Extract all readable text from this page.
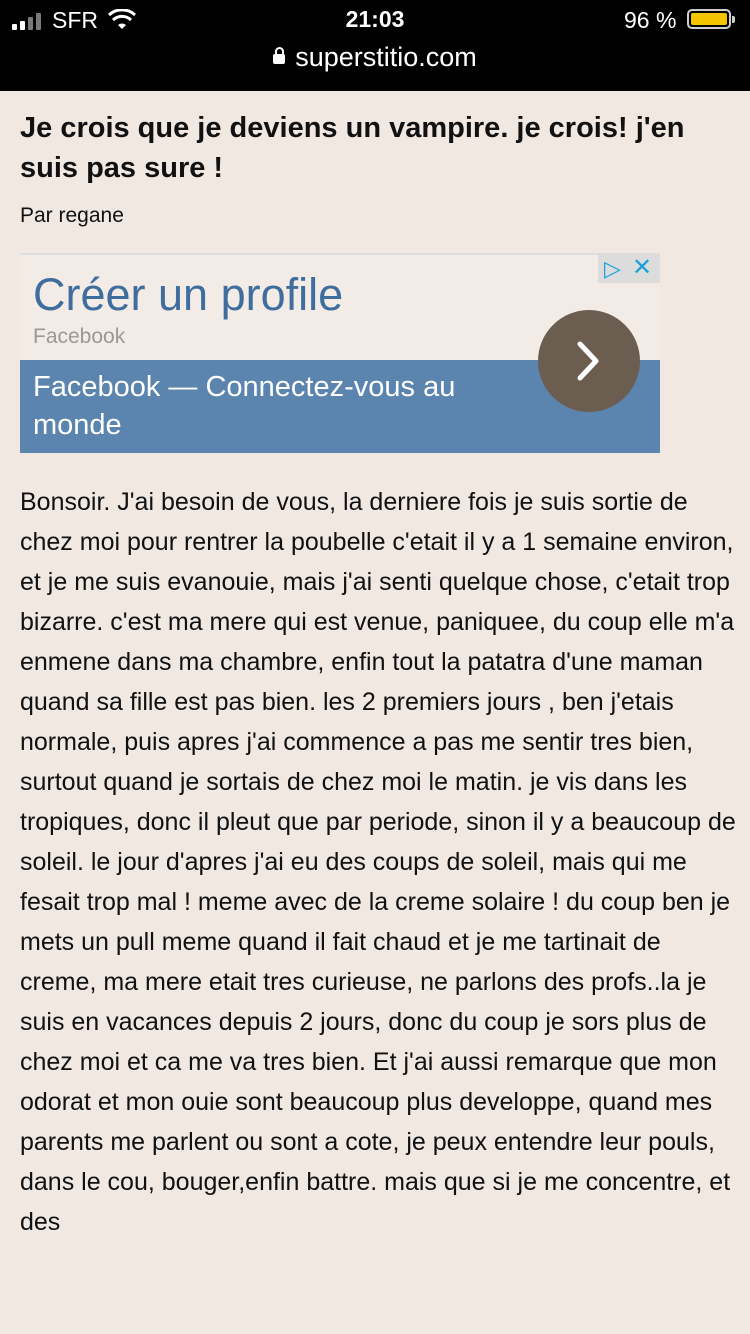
SFR	21:03	96 %
superstitio.com
Je crois que je deviens un vampire. je crois! j'en suis pas sure !
Par regane
Créer un profile
Facebook
▷ ✕
Facebook — Connectez-vous au monde

Bonsoir. J'ai besoin de vous, la derniere fois je suis sortie de chez moi pour rentrer la poubelle c'etait il y a 1 semaine environ, et je me suis evanouie, mais j'ai senti quelque chose, c'etait trop bizarre. c'est ma mere qui est venue, paniquee, du coup elle m'a enmene dans ma chambre, enfin tout la patatra d'une maman quand sa fille est pas bien. les 2 premiers jours , ben j'etais normale, puis apres j'ai commence a pas me sentir tres bien, surtout quand je sortais de chez moi le matin. je vis dans les tropiques, donc il pleut que par periode, sinon il y a beaucoup de soleil. le jour d'apres j'ai eu des coups de soleil, mais qui me fesait trop mal ! meme avec de la creme solaire ! du coup ben je mets un pull meme quand il fait chaud et je me tartinait de creme, ma mere etait tres curieuse, ne parlons des profs..la je suis en vacances depuis 2 jours, donc du coup je sors plus de chez moi et ca me va tres bien. Et j'ai aussi remarque que mon odorat et mon ouie sont beaucoup plus developpe, quand mes parents me parlent ou sont a cote, je peux entendre leur pouls, dans le cou, bouger,enfin battre. mais que si je me concentre, et des
